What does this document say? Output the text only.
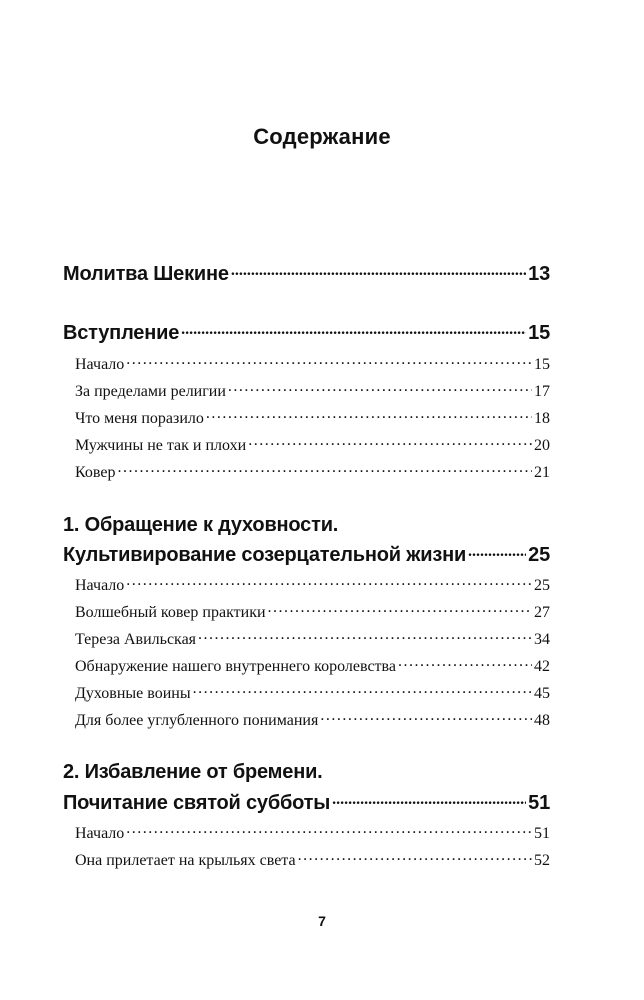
Содержание
Молитва Шекине .....	13
Вступление .....	15
Начало .....	15
За пределами религии .....	17
Что меня поразило .....	18
Мужчины не так и плохи .....	20
Ковер .....	21
1. Обращение к духовности.
Культивирование созерцательной жизни .....	25
Начало .....	25
Волшебный ковер практики .....	27
Тереза Авильская .....	34
Обнаружение нашего внутреннего королевства .....	42
Духовные воины .....	45
Для более углубленного понимания .....	48
2. Избавление от бремени.
Почитание святой субботы .....	51
Начало .....	51
Она прилетает на крыльях света .....	52
7
